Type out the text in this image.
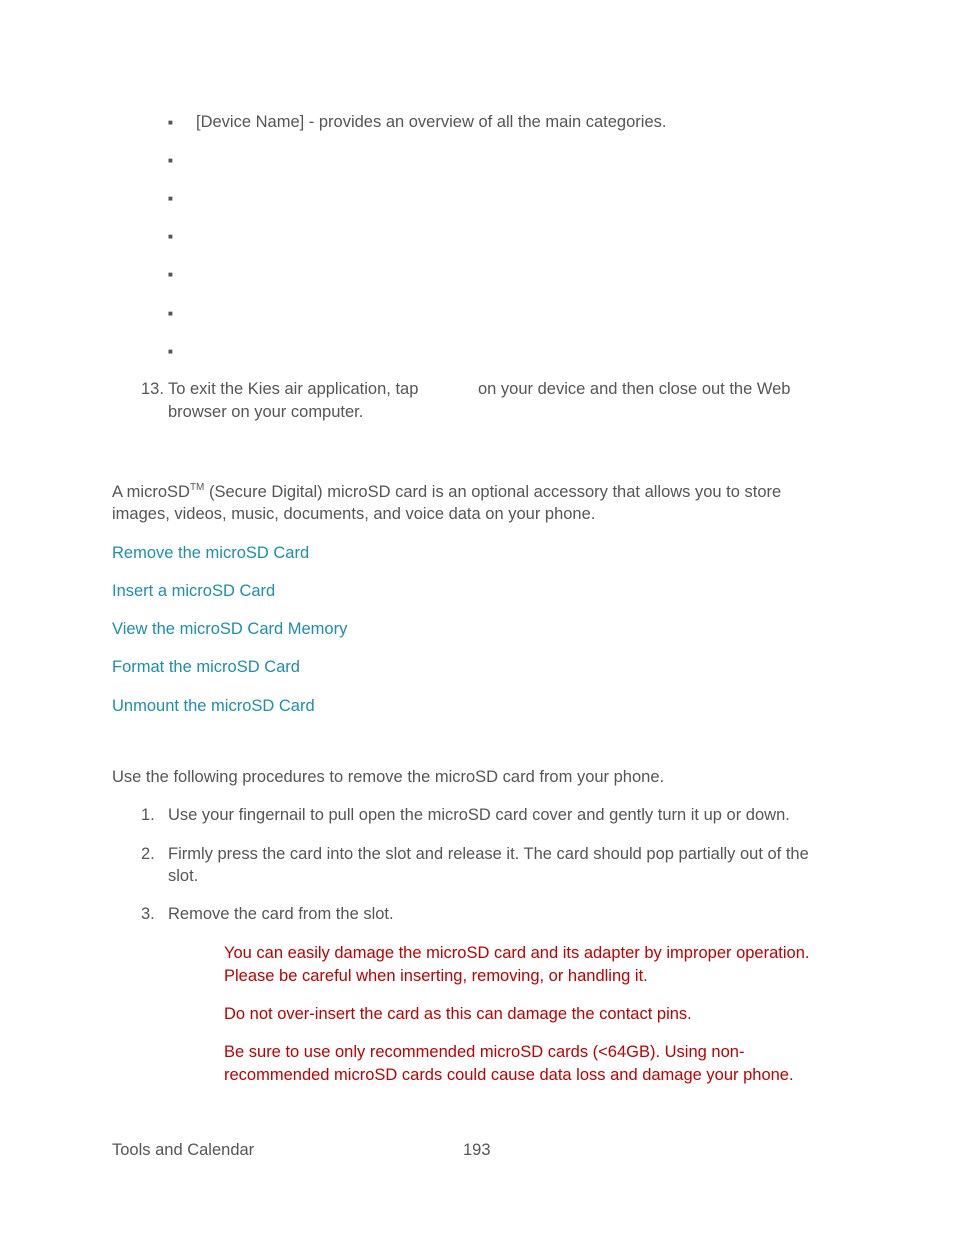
■ [Device Name] - provides an overview of all the main categories.
■
■
■
■
■
■
13. To exit the Kies air application, tap	on your device and then close out the Web
browser on your computer.
A microSD™ (Secure Digital) microSD card is an optional accessory that allows you to store
images, videos, music, documents, and voice data on your phone.
Remove the microSD Card
Insert a microSD Card
View the microSD Card Memory
Format the microSD Card
Unmount the microSD Card
Use the following procedures to remove the microSD card from your phone.
1. Use your fingernail to pull open the microSD card cover and gently turn it up or down.
2. Firmly press the card into the slot and release it. The card should pop partially out of the
slot.
3. Remove the card from the slot.
You can easily damage the microSD card and its adapter by improper operation.
Please be careful when inserting, removing, or handling it.
Do not over-insert the card as this can damage the contact pins.
Be sure to use only recommended microSD cards (<64GB). Using non-
recommended microSD cards could cause data loss and damage your phone.
Tools and Calendar	193
